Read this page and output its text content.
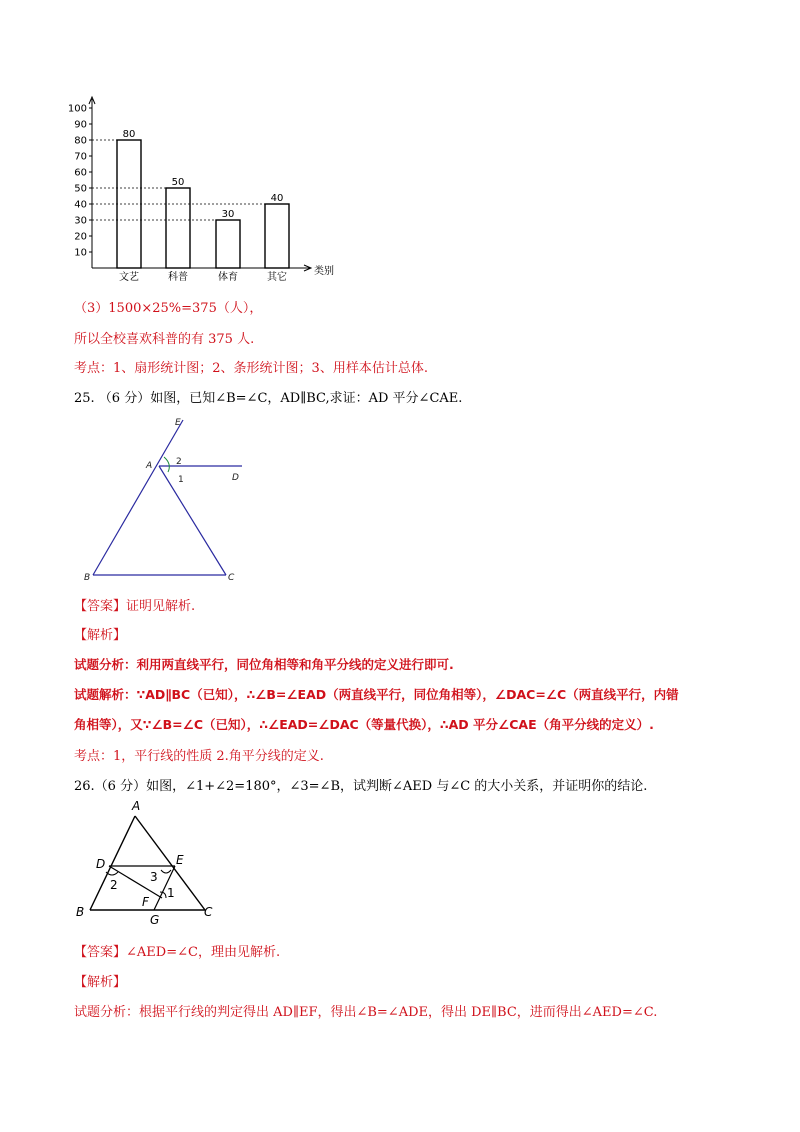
10
20
30
40
50
60
70
80
90
100
80
文艺
50
科普
30
体育
40
其它
类别
（3）1500×25%=375（人），
所以全校喜欢科普的有 375 人.
考点：1、扇形统计图；2、条形统计图；3、用样本估计总体.
25. （6 分）如图，已知∠B=∠C，AD∥BC,求证：AD 平分∠CAE.
E
A	2
1	D
B	C
【答案】证明见解析.
【解析】
试题分析：利用两直线平行，同位角相等和角平分线的定义进行即可.
试题解析：∵AD∥BC（已知），∴∠B=∠EAD（两直线平行，同位角相等），∠DAC=∠C（两直线平行，内错
角相等），又∵∠B=∠C（已知），∴∠EAD=∠DAC（等量代换），∴AD 平分∠CAE（角平分线的定义）.
考点：1，平行线的性质 2.角平分线的定义.
26.（6 分）如图，∠1+∠2=180°，∠3=∠B，试判断∠AED 与∠C 的大小关系，并证明你的结论.
A
D	E
2
3
1
F
B
G
C
【答案】∠AED=∠C，理由见解析.
【解析】
试题分析：根据平行线的判定得出 AD∥EF，得出∠B=∠ADE，得出 DE∥BC，进而得出∠AED=∠C.
